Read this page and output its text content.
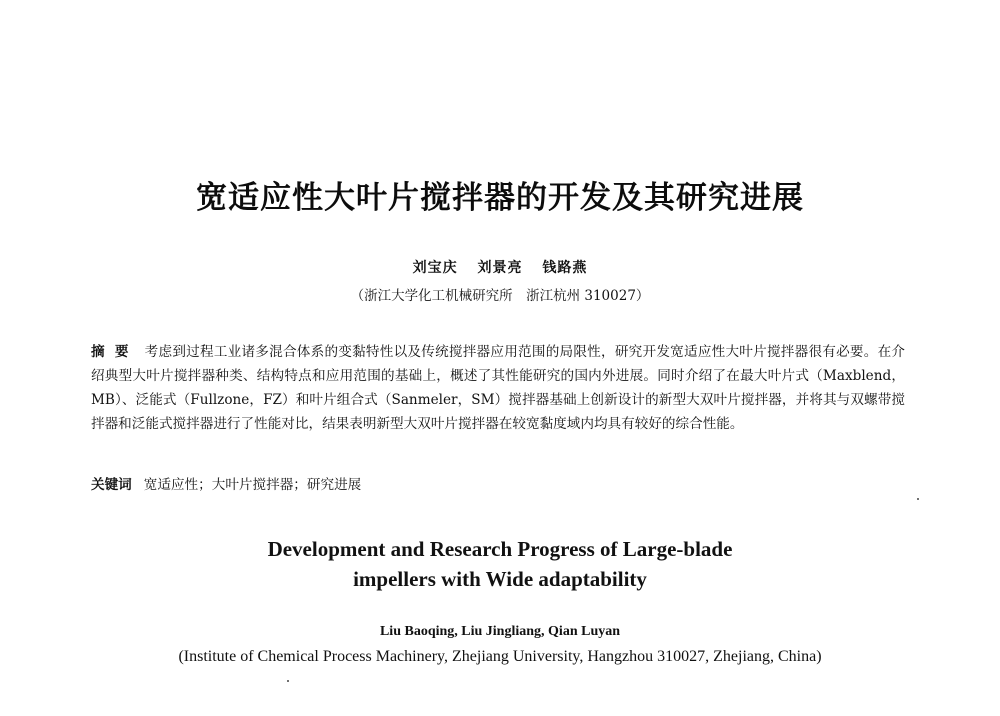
宽适应性大叶片搅拌器的开发及其研究进展
刘宝庆 刘景亮 钱路燕
（浙江大学化工机械研究所　浙江杭州 310027）
摘要 考虑到过程工业诸多混合体系的变黏特性以及传统搅拌器应用范围的局限性，研究开发宽适应性大叶片搅拌器很有必要。在介绍典型大叶片搅拌器种类、结构特点和应用范围的基础上，概述了其性能研究的国内外进展。同时介绍了在最大叶片式（Maxblend，MB）、泛能式（Fullzone，FZ）和叶片组合式（Sanmeler，SM）搅拌器基础上创新设计的新型大双叶片搅拌器，并将其与双螺带搅拌器和泛能式搅拌器进行了性能对比，结果表明新型大双叶片搅拌器在较宽黏度域内均具有较好的综合性能。
关键词 宽适应性；大叶片搅拌器；研究进展
Development and Research Progress of Large-blade
impellers with Wide adaptability
Liu Baoqing, Liu Jingliang, Qian Luyan
(Institute of Chemical Process Machinery, Zhejiang University, Hangzhou 310027, Zhejiang, China)
